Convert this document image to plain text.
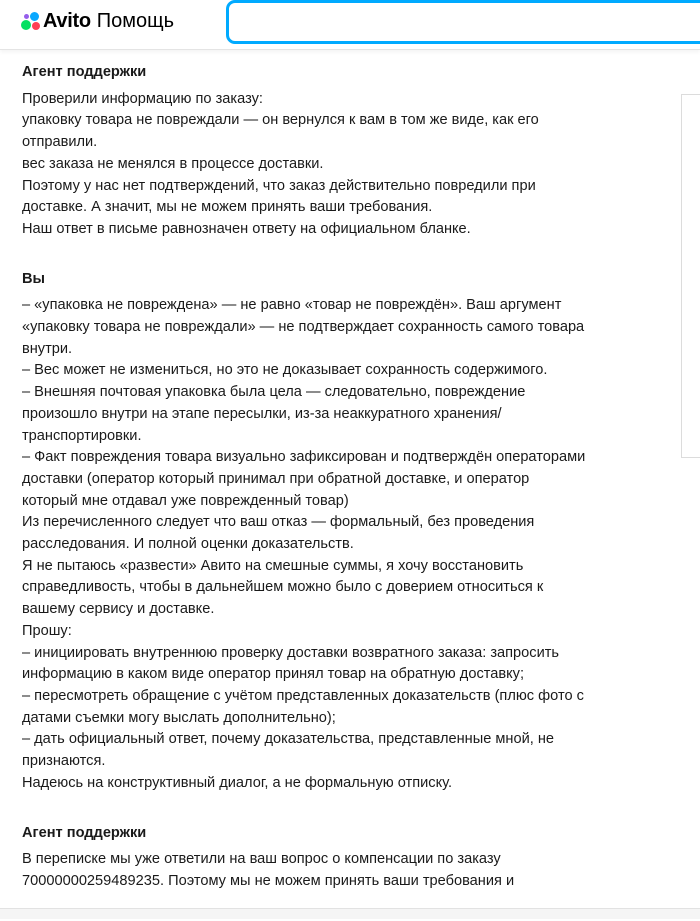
Avito Помощь
Агент поддержки
Проверили информацию по заказу:
упаковку товара не повреждали — он вернулся к вам в том же виде, как его
отправили.
вес заказа не менялся в процессе доставки.
Поэтому у нас нет подтверждений, что заказ действительно повредили при
доставке. А значит, мы не можем принять ваши требования.
Наш ответ в письме равнозначен ответу на официальном бланке.
Вы
– «упаковка не повреждена» — не равно «товар не повреждён». Ваш аргумент
«упаковку товара не повреждали» — не подтверждает сохранность самого товара
внутри.
– Вес может не измениться, но это не доказывает сохранность содержимого.
– Внешняя почтовая упаковка была цела — следовательно, повреждение
произошло внутри на этапе пересылки, из-за неаккуратного хранения/
транспортировки.
– Факт повреждения товара визуально зафиксирован и подтверждён операторами
доставки (оператор который принимал при обратной доставке, и оператор
который мне отдавал уже поврежденный товар)
Из перечисленного следует что ваш отказ — формальный, без проведения
расследования. И полной оценки доказательств.
Я не пытаюсь «развести» Авито на смешные суммы, я хочу восстановить
справедливость, чтобы в дальнейшем можно было с доверием относиться к
вашему сервису и доставке.
Прошу:
– инициировать внутреннюю проверку доставки возвратного заказа: запросить
информацию в каком виде оператор принял товар на обратную доставку;
– пересмотреть обращение с учётом представленных доказательств (плюс фото с
датами съемки могу выслать дополнительно);
– дать официальный ответ, почему доказательства, представленные мной, не
признаются.
Надеюсь на конструктивный диалог, а не формальную отписку.
Агент поддержки
В переписке мы уже ответили на ваш вопрос о компенсации по заказу
70000000259489235. Поэтому мы не можем принять ваши требования и
